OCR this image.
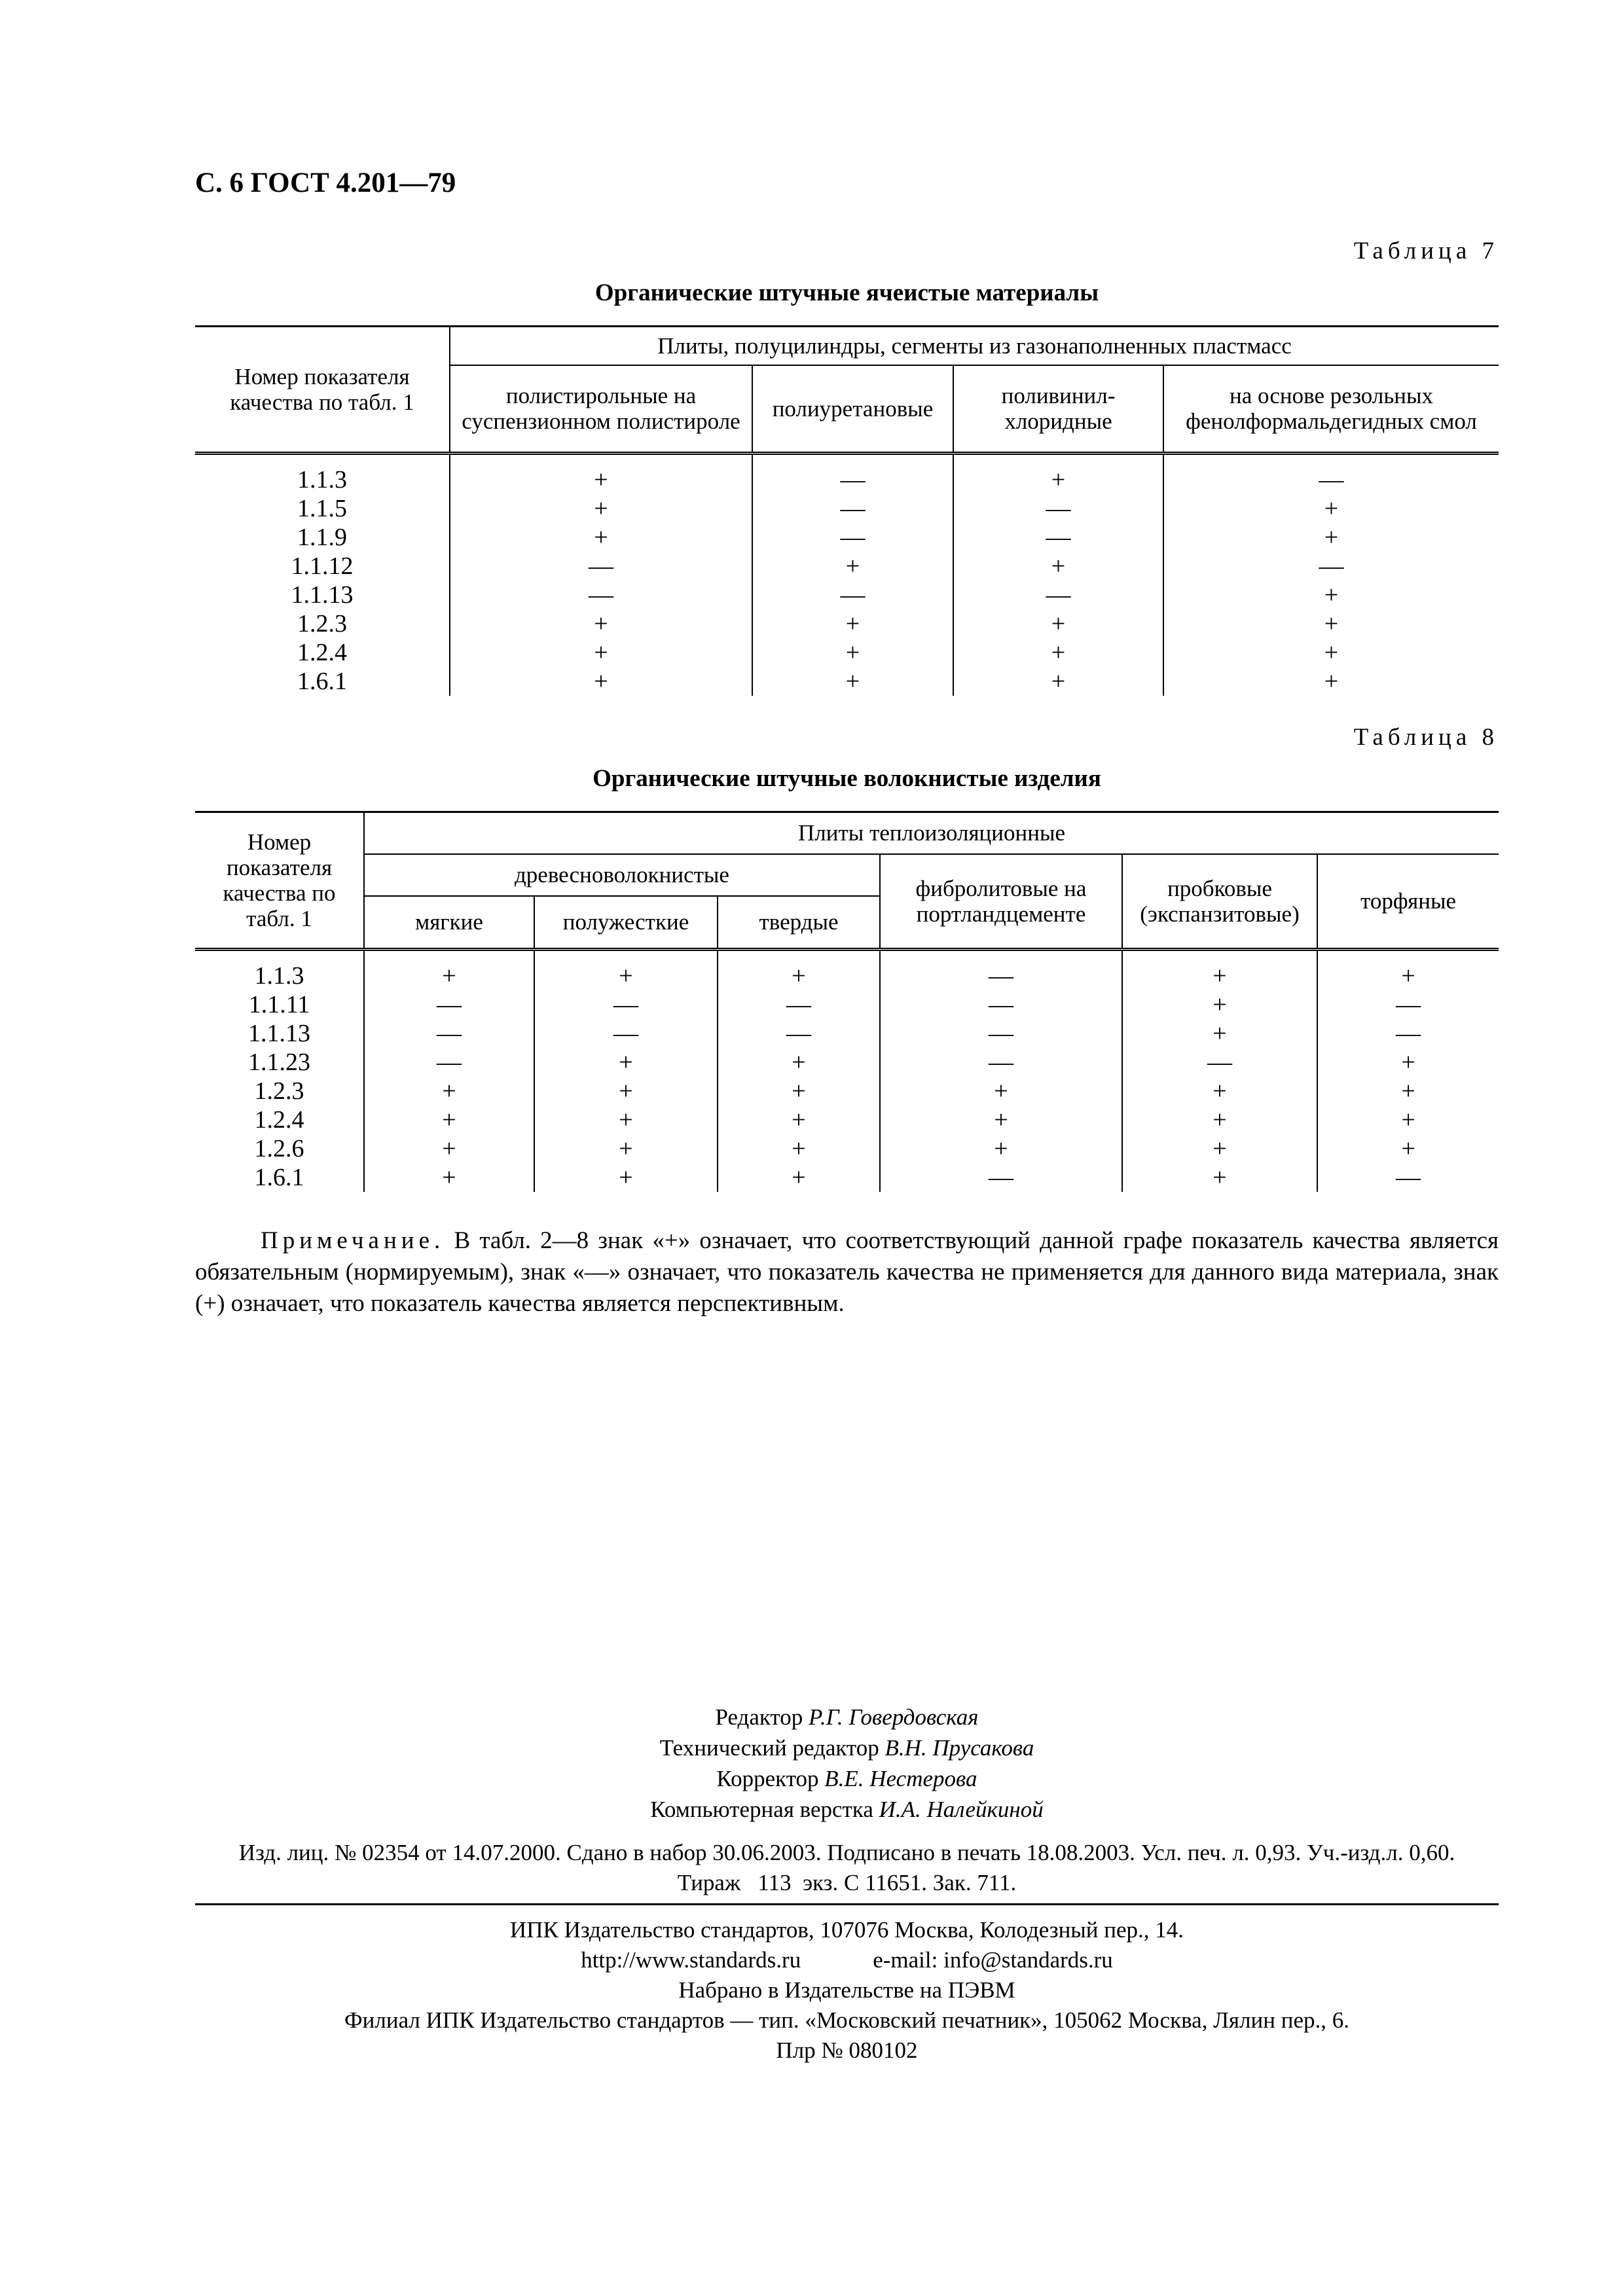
С. 6 ГОСТ 4.201—79
Таблица 7
Органические штучные ячеистые материалы
Номер показателя качества по табл. 1	Плиты, полуцилиндры, сегменты из газонаполненных пластмасс			
	полистирольные на суспензионном полистироле	полиуретановые	поливинил-хлоридные	на основе резольных фенолформальдегидных смол
1.1.3	+	—	+	—
1.1.5	+	—	—	+
1.1.9	+	—	—	+
1.1.12	—	+	+	—
1.1.13	—	—	—	+
1.2.3	+	+	+	+
1.2.4	+	+	+	+
1.6.1	+	+	+	+
Таблица 8
Органические штучные волокнистые изделия
Номер показателя качества по табл. 1	Плиты теплоизоляционные					
	древесноволокнистые			фибролитовые на портландцементе	пробковые (экспанзитовые)	торфяные
	мягкие	полужесткие	твердые			
1.1.3	+	+	+	—	+	+
1.1.11	—	—	—	—	+	—
1.1.13	—	—	—	—	+	—
1.1.23	—	+	+	—	—	+
1.2.3	+	+	+	+	+	+
1.2.4	+	+	+	+	+	+
1.2.6	+	+	+	+	+	+
1.6.1	+	+	+	—	+	—
Примечание. В табл. 2—8 знак «+» означает, что соответствующий данной графе показатель качества является обязательным (нормируемым), знак «—» означает, что показатель качества не применяется для данного вида материала, знак (+) означает, что показатель качества является перспективным.
Редактор Р.Г. Говердовская
Технический редактор В.Н. Прусакова
Корректор В.Е. Нестерова
Компьютерная верстка И.А. Налейкиной
Изд. лиц. № 02354 от 14.07.2000. Сдано в набор 30.06.2003. Подписано в печать 18.08.2003. Усл. печ. л. 0,93. Уч.-изд.л. 0,60.
Тираж   113  экз. С 11651. Зак. 711.
ИПК Издательство стандартов, 107076 Москва, Колодезный пер., 14.
http://www.standards.ru	e-mail: info@standards.ru
Набрано в Издательстве на ПЭВМ
Филиал ИПК Издательство стандартов — тип. «Московский печатник», 105062 Москва, Лялин пер., 6.
Плр № 080102
